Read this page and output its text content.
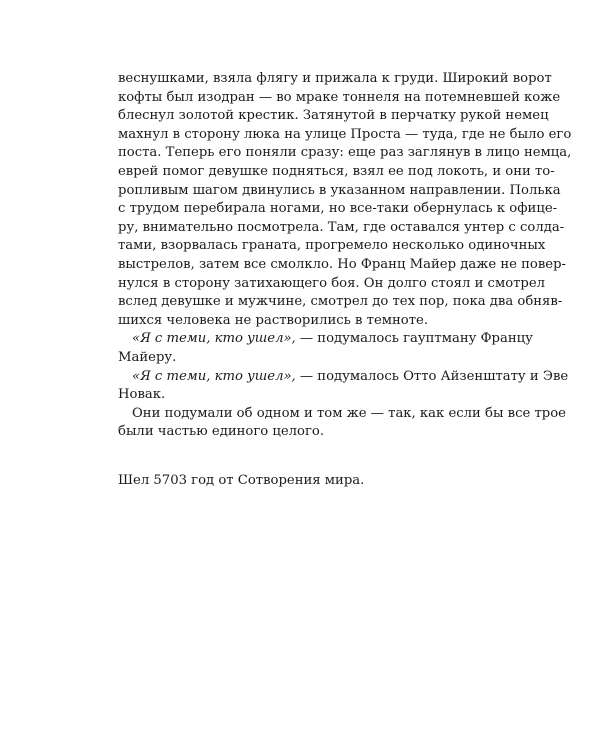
веснушками, взяла флягу и прижала к груди. Широкий ворот
кофты был изодран — во мраке тоннеля на потемневшей коже
блеснул золотой крестик. Затянутой в перчатку рукой немец
махнул в сторону люка на улице Проста — туда, где не было его
поста. Теперь его поняли сразу: еще раз заглянув в лицо немца,
еврей помог девушке подняться, взял ее под локоть, и они то-
ропливым шагом двинулись в указанном направлении. Полька
с трудом перебирала ногами, но все-таки обернулась к офице-
ру, внимательно посмотрела. Там, где оставался унтер с солда-
тами, взорвалась граната, прогремело несколько одиночных
выстрелов, затем все смолкло. Но Франц Майер даже не повер-
нулся в сторону затихающего боя. Он долго стоял и смотрел
вслед девушке и мужчине, смотрел до тех пор, пока два обняв-
шихся человека не растворились в темноте.

«Я с теми, кто ушел», — подумалось гауптману Францу
Майеру.

«Я с теми, кто ушел», — подумалось Отто Айзенштату и Эве
Новак.

Они подумали об одном и том же — так, как если бы все трое
были частью единого целого.

Шел 5703 год от Сотворения мира.
